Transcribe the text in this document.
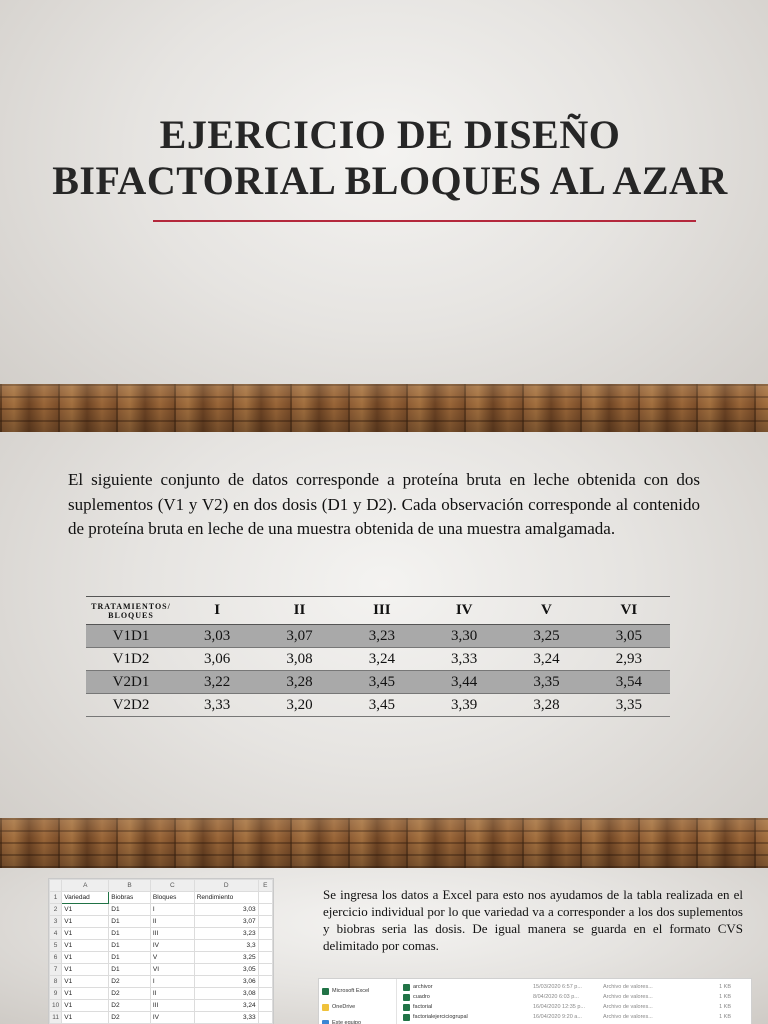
EJERCICIO DE DISEÑO
BIFACTORIAL BLOQUES AL AZAR

El siguiente conjunto de datos corresponde a proteína bruta en leche obtenida con dos suplementos (V1 y V2) en dos dosis (D1 y D2). Cada observación corresponde al contenido de proteína bruta en leche de una muestra obtenida de una muestra amalgamada.

TRATAMIENTOS/
BLOQUES	I	II	III	IV	V	VI
V1D1	3,03	3,07	3,23	3,30	3,25	3,05
V1D2	3,06	3,08	3,24	3,33	3,24	2,93
V2D1	3,22	3,28	3,45	3,44	3,35	3,54
V2D2	3,33	3,20	3,45	3,39	3,28	3,35
	A	B	C	D	E
1	Variedad	Biobras	Bloques	Rendimiento	
2	V1	D1	I	3,03	
3	V1	D1	II	3,07	
4	V1	D1	III	3,23	
5	V1	D1	IV	3,3	
6	V1	D1	V	3,25	
7	V1	D1	VI	3,05	
8	V1	D2	I	3,06	
9	V1	D2	II	3,08	
10	V1	D2	III	3,24	
11	V1	D2	IV	3,33	

Se ingresa los datos a Excel para esto nos ayudamos de la tabla realizada en el ejercicio individual por lo que variedad va a corresponder a los dos suplementos y biobras seria las dosis. De igual manera se guarda en el formato CVS delimitado por comas.

Microsoft Excel
OneDrive
Este equipo
archivor	15/03/2020 6:57 p...	Archivo de valores...	1 KB
cuadro	8/04/2020 6:03 p...	Archivo de valores...	1 KB
factorial	16/04/2020 12:35 p...	Archivo de valores...	1 KB
factorialejerciciogrupal	16/04/2020 9:20 a...	Archivo de valores...	1 KB
